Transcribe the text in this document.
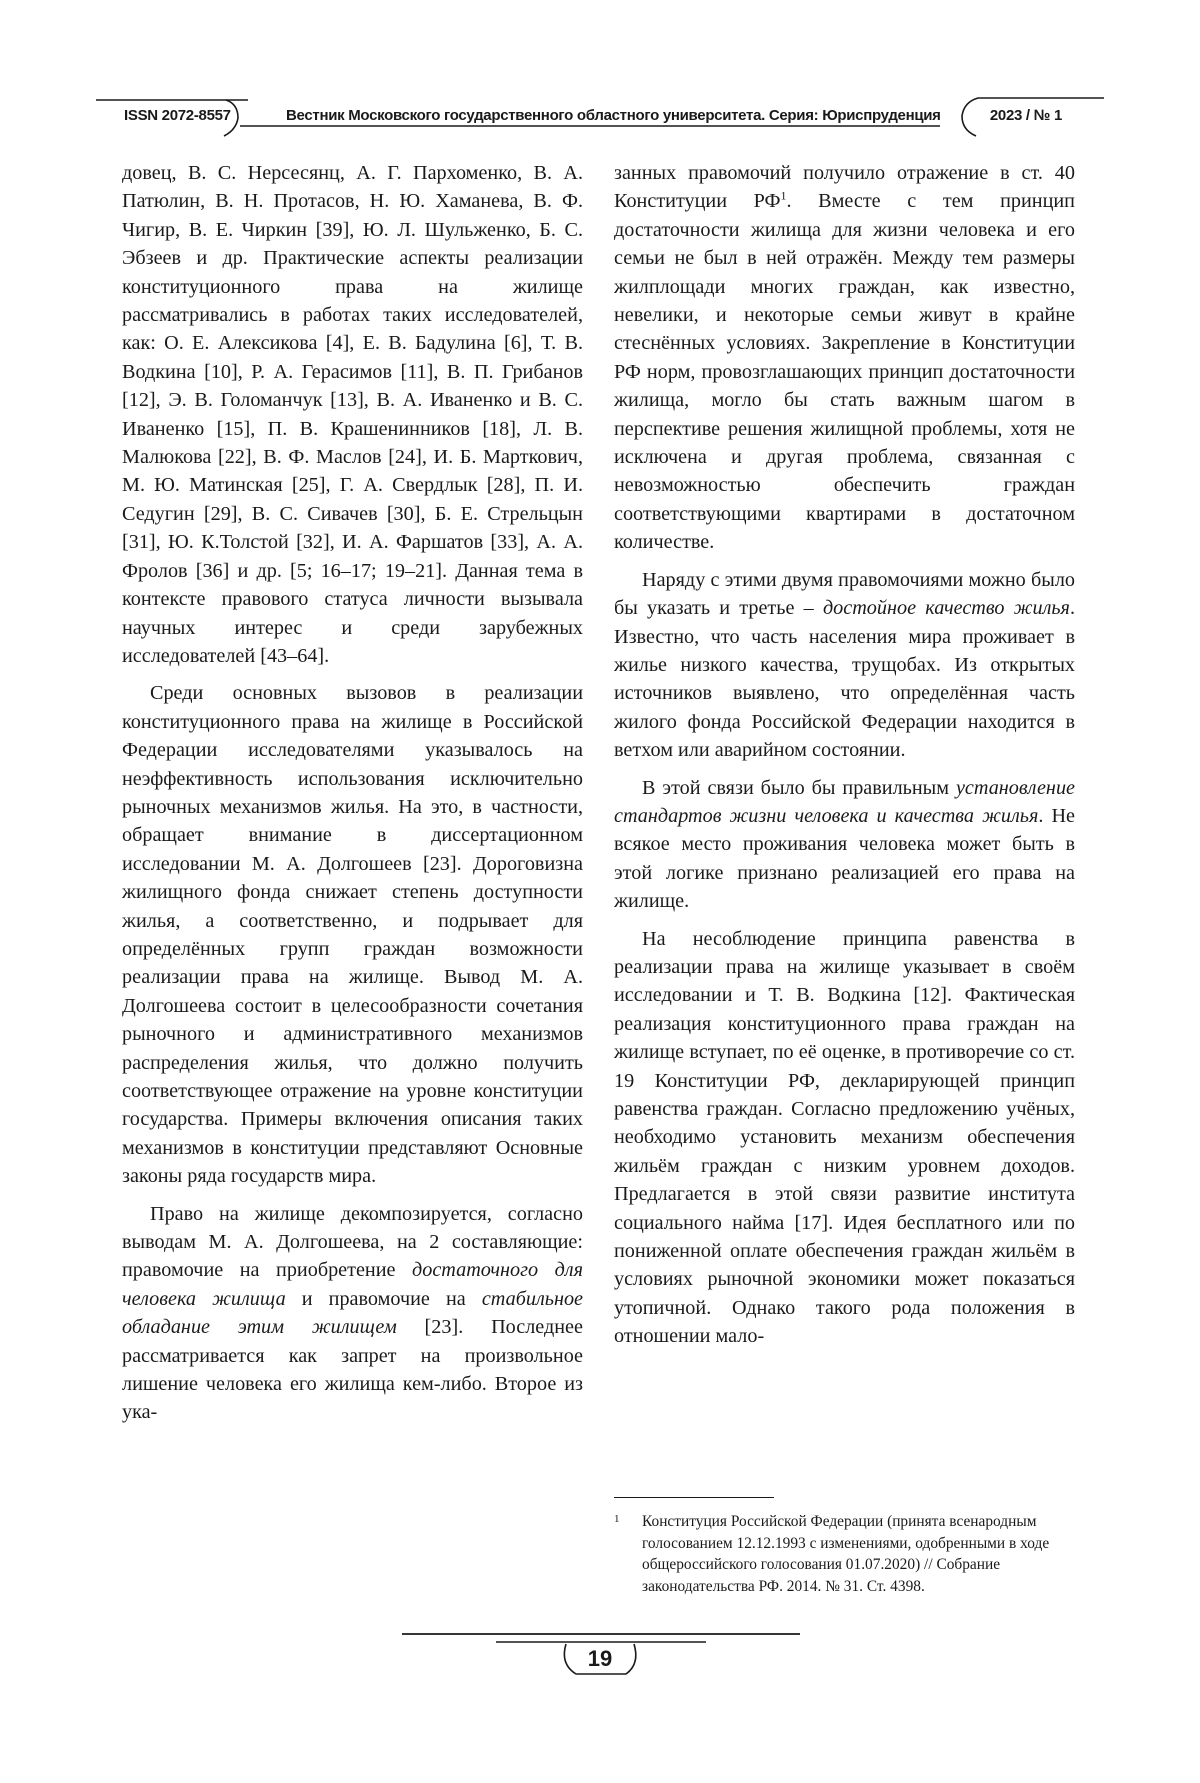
ISSN 2072-8557	Вестник Московского государственного областного университета. Серия: Юриспруденция	2023 / № 1

довец, В. С. Нерсесянц, А. Г. Пархоменко, В. А. Патюлин, В. Н. Протасов, Н. Ю. Хаманева, В. Ф. Чигир, В. Е. Чиркин [39], Ю. Л. Шульженко, Б. С. Эбзеев и др. Практические аспекты реализации конституционного права на жилище рассматривались в работах таких исследователей, как: О. Е. Алексикова [4], Е. В. Бадулина [6], Т. В. Водкина [10], Р. А. Герасимов [11], В. П. Грибанов [12], Э. В. Голоманчук [13], В. А. Иваненко и В. С. Иваненко [15], П. В. Крашенинников [18], Л. В. Малюкова [22], В. Ф. Маслов [24], И. Б. Марткович, М. Ю. Матинская [25], Г. А. Свердлык [28], П. И. Седугин [29], В. С. Сивачев [30], Б. Е. Стрельцын [31], Ю. К.Толстой [32], И. А. Фаршатов [33], А. А. Фролов [36] и др. [5; 16–17; 19–21]. Данная тема в контексте правового статуса личности вызывала научных интерес и среди зарубежных исследователей [43–64].

Среди основных вызовов в реализации конституционного права на жилище в Российской Федерации исследователями указывалось на неэффективность использования исключительно рыночных механизмов жилья. На это, в частности, обращает внимание в диссертационном исследовании М. А. Долгошеев [23]. Дороговизна жилищного фонда снижает степень доступности жилья, а соответственно, и подрывает для определённых групп граждан возможности реализации права на жилище. Вывод М. А. Долгошеева состоит в целесообразности сочетания рыночного и административного механизмов распределения жилья, что должно получить соответствующее отражение на уровне конституции государства. Примеры включения описания таких механизмов в конституции представляют Основные законы ряда государств мира.

Право на жилище декомпозируется, согласно выводам М. А. Долгошеева, на 2 составляющие: правомочие на приобретение достаточного для человека жилища и правомочие на стабильное обладание этим жилищем [23]. Последнее рассматривается как запрет на произвольное лишение человека его жилища кем-либо. Второе из ука-

занных правомочий получило отражение в ст. 40 Конституции $РФ^1$. Вместе с тем принцип достаточности жилища для жизни человека и его семьи не был в ней отражён. Между тем размеры жилплощади многих граждан, как известно, невелики, и некоторые семьи живут в крайне стеснённых условиях. Закрепление в Конституции РФ норм, провозглашающих принцип достаточности жилища, могло бы стать важным шагом в перспективе решения жилищной проблемы, хотя не исключена и другая проблема, связанная с невозможностью обеспечить граждан соответствующими квартирами в достаточном количестве.

Наряду с этими двумя правомочиями можно было бы указать и третье – достойное качество жилья. Известно, что часть населения мира проживает в жилье низкого качества, трущобах. Из открытых источников выявлено, что определённая часть жилого фонда Российской Федерации находится в ветхом или аварийном состоянии.

В этой связи было бы правильным установление стандартов жизни человека и качества жилья. Не всякое место проживания человека может быть в этой логике признано реализацией его права на жилище.

На несоблюдение принципа равенства в реализации права на жилище указывает в своём исследовании и Т. В. Водкина [12]. Фактическая реализация конституционного права граждан на жилище вступает, по её оценке, в противоречие со ст. 19 Конституции РФ, декларирующей принцип равенства граждан. Согласно предложению учёных, необходимо установить механизм обеспечения жильём граждан с низким уровнем доходов. Предлагается в этой связи развитие института социального найма [17]. Идея бесплатного или по пониженной оплате обеспечения граждан жильём в условиях рыночной экономики может показаться утопичной. Однако такого рода положения в отношении мало-

1 Конституция Российской Федерации (принята всенародным голосованием 12.12.1993 с изменениями, одобренными в ходе общероссийского голосования 01.07.2020) // Собрание законодательства РФ. 2014. № 31. Ст. 4398.
19
